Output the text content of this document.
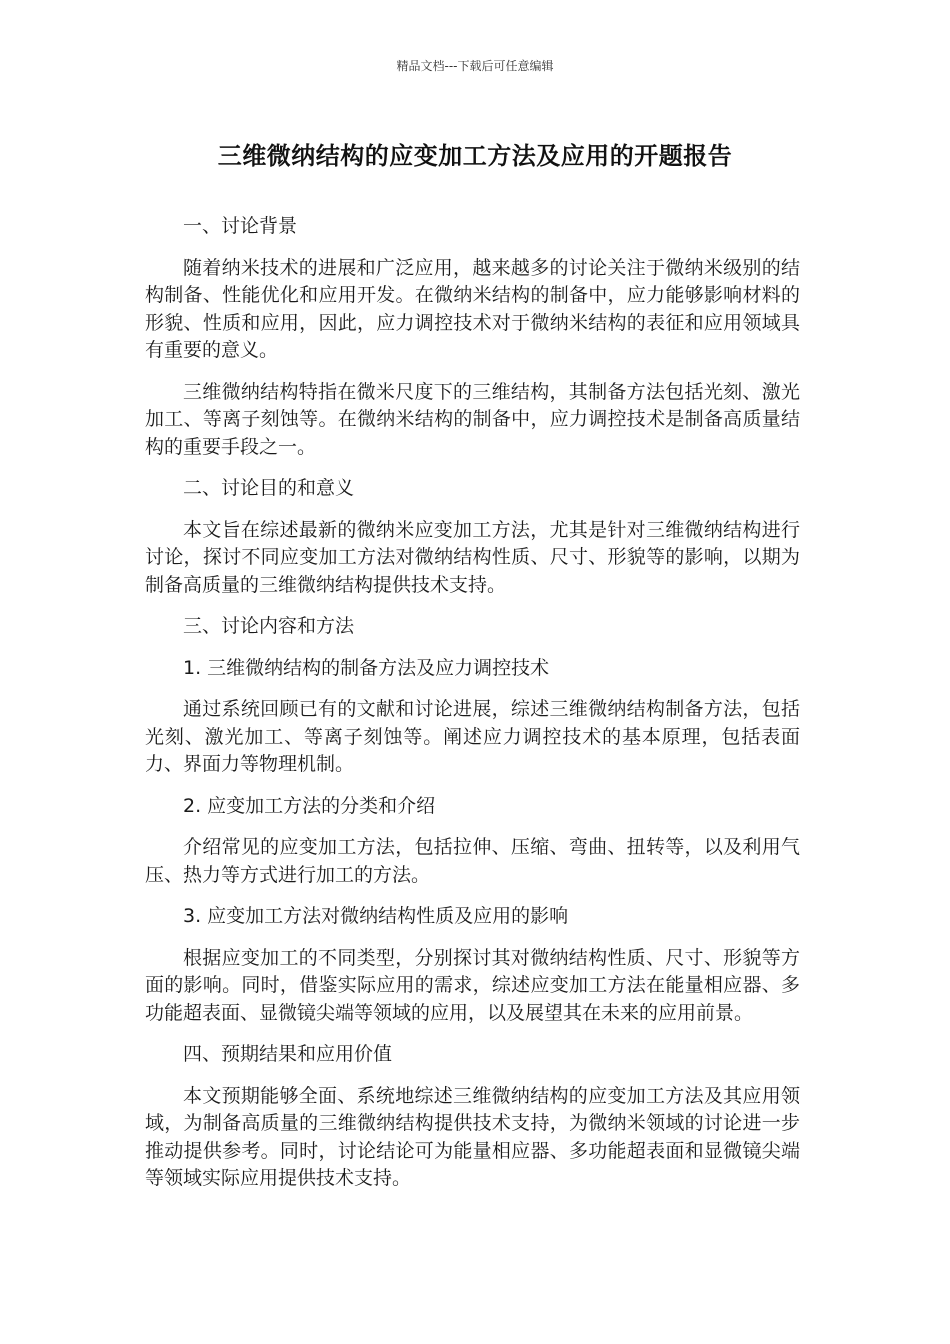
精品文档---下载后可任意编辑
三维微纳结构的应变加工方法及应用的开题报告

一、讨论背景

随着纳米技术的进展和广泛应用，越来越多的讨论关注于微纳米级别的结构制备、性能优化和应用开发。在微纳米结构的制备中，应力能够影响材料的形貌、性质和应用，因此，应力调控技术对于微纳米结构的表征和应用领域具有重要的意义。

三维微纳结构特指在微米尺度下的三维结构，其制备方法包括光刻、激光加工、等离子刻蚀等。在微纳米结构的制备中，应力调控技术是制备高质量结构的重要手段之一。

二、讨论目的和意义

本文旨在综述最新的微纳米应变加工方法，尤其是针对三维微纳结构进行讨论，探讨不同应变加工方法对微纳结构性质、尺寸、形貌等的影响，以期为制备高质量的三维微纳结构提供技术支持。

三、讨论内容和方法

1. 三维微纳结构的制备方法及应力调控技术

通过系统回顾已有的文献和讨论进展，综述三维微纳结构制备方法，包括光刻、激光加工、等离子刻蚀等。阐述应力调控技术的基本原理，包括表面力、界面力等物理机制。

2. 应变加工方法的分类和介绍

介绍常见的应变加工方法，包括拉伸、压缩、弯曲、扭转等，以及利用气压、热力等方式进行加工的方法。

3. 应变加工方法对微纳结构性质及应用的影响

根据应变加工的不同类型，分别探讨其对微纳结构性质、尺寸、形貌等方面的影响。同时，借鉴实际应用的需求，综述应变加工方法在能量相应器、多功能超表面、显微镜尖端等领域的应用，以及展望其在未来的应用前景。

四、预期结果和应用价值

本文预期能够全面、系统地综述三维微纳结构的应变加工方法及其应用领域，为制备高质量的三维微纳结构提供技术支持，为微纳米领域的讨论进一步推动提供参考。同时，讨论结论可为能量相应器、多功能超表面和显微镜尖端等领域实际应用提供技术支持。
